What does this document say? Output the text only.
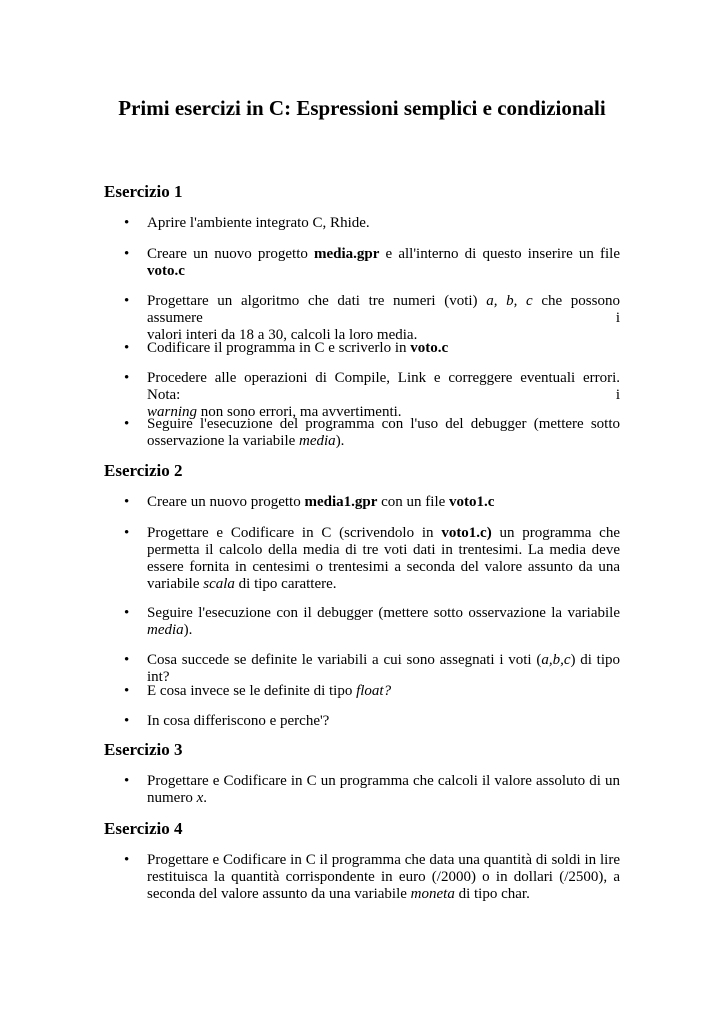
Primi esercizi in C: Espressioni semplici e condizionali
Esercizio 1
•	Aprire l'ambiente integrato C, Rhide.
•	Creare un nuovo progetto media.gpr e all'interno di questo inserire un file
voto.c
•	Progettare un algoritmo che dati tre numeri (voti) a, b, c che possono assumere i
valori interi da 18 a 30, calcoli la loro media.
•	Codificare il programma in C e scriverlo in voto.c
•	Procedere alle operazioni di Compile, Link e correggere eventuali errori. Nota: i
warning non sono errori, ma avvertimenti.
•	Seguire l'esecuzione del programma con l'uso del debugger (mettere sotto
osservazione la variabile media).
Esercizio 2
•	Creare un nuovo progetto media1.gpr con un file voto1.c
•	Progettare e Codificare in C (scrivendolo in voto1.c) un programma che
permetta il calcolo della media di tre voti dati in trentesimi. La media deve
essere fornita in centesimi o trentesimi a seconda del valore assunto da una
variabile scala di tipo carattere.
•	Seguire l'esecuzione con il debugger (mettere sotto osservazione la variabile
media).
•	Cosa succede se definite le variabili a cui sono assegnati i voti (a,b,c) di tipo int?
•	E cosa invece se le definite di tipo float?
•	In cosa differiscono e perche'?
Esercizio 3
•	Progettare e Codificare in C un programma che calcoli il valore assoluto di un
numero x.
Esercizio 4
•	Progettare e Codificare in C il programma che data una quantità di soldi in lire
restituisca la quantità corrispondente in euro (/2000) o in dollari (/2500), a
seconda del valore assunto da una variabile moneta di tipo char.
